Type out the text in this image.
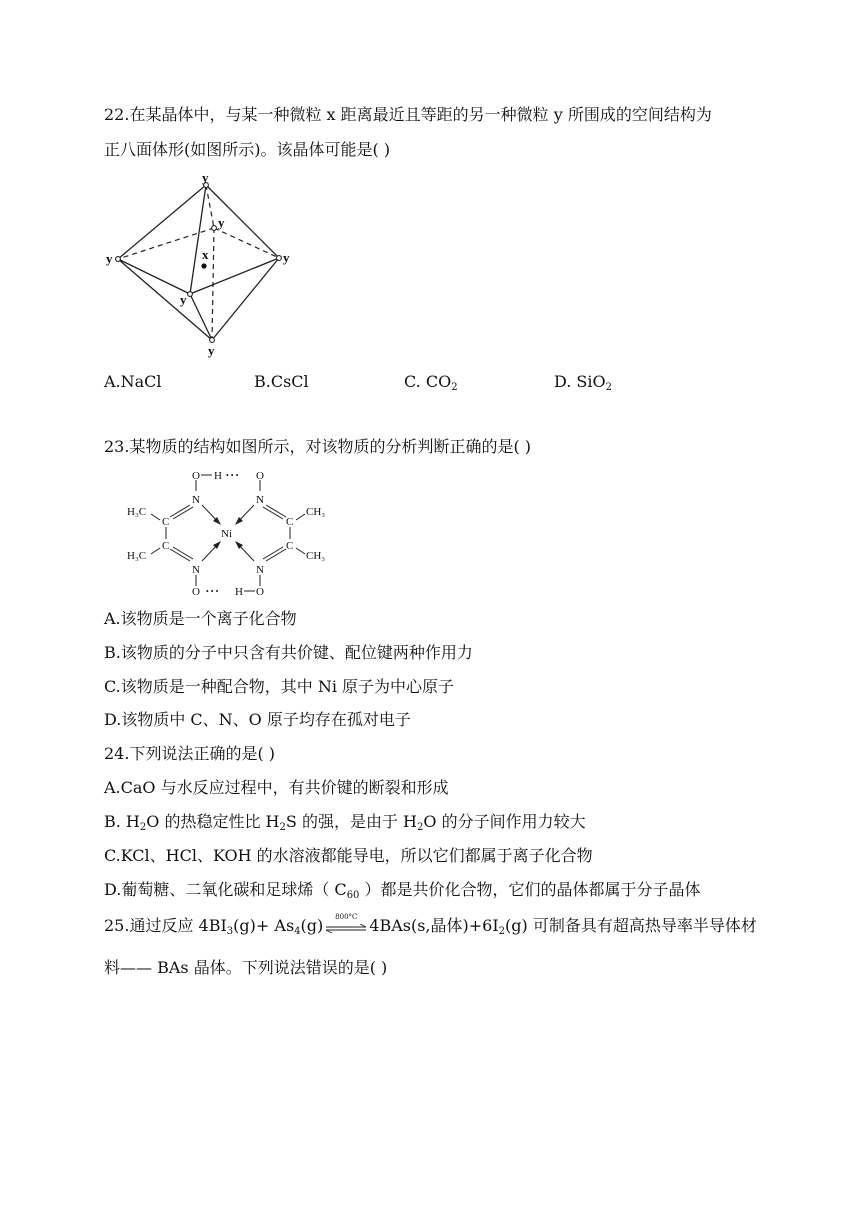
22.在某晶体中，与某一种微粒 x 距离最近且等距的另一种微粒 y 所围成的空间结构为
正八面体形(如图所示)。该晶体可能是( )
y
y	y
y
y
y
x
A.NaCl	B.CsCl	C. $CO_2$	D. SiO$_2$
23.某物质的结构如图所示，对该物质的分析判断正确的是( )
O H • • • O
N	N
C
C
C
C
Ni
H₃C
H₃C
CH₃
CH₃
N	N
O • • • H O
A.该物质是一个离子化合物
B.该物质的分子中只含有共价键、配位键两种作用力
C.该物质是一种配合物，其中 Ni 原子为中心原子
D.该物质中 C、N、O 原子均存在孤对电子
24.下列说法正确的是( )
A.CaO 与水反应过程中，有共价键的断裂和形成
B. $H_2O$ 的热稳定性比 $H_2S$ 的强，是由于 $H_2O$ 的分子间作用力较大
C.KCl、HCl、KOH 的水溶液都能导电，所以它们都属于离子化合物
D.葡萄糖、二氧化碳和足球烯（ $C_{60}$ ）都是共价化合物，它们的晶体都属于分子晶体
25.通过反应 $4BI_3(g)+ As_4(g)$	800°C 4BAs(s,晶体)$+6I_2(g)$ 可制备具有超高热导率半导体材
料—— BAs 晶体。下列说法错误的是( )
